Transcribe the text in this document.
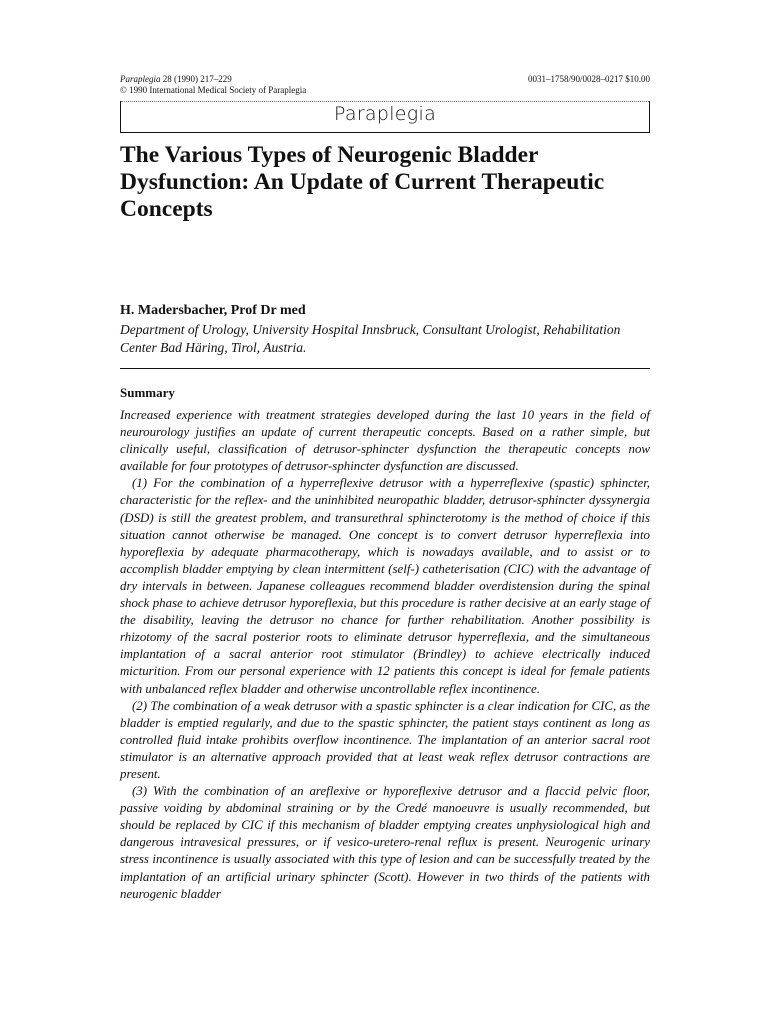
Paraplegia 28 (1990) 217–229
© 1990 International Medical Society of Paraplegia
0031–1758/90/0028–0217 $10.00
Paraplegia
The Various Types of Neurogenic Bladder Dysfunction: An Update of Current Therapeutic Concepts
H. Madersbacher, Prof Dr med
Department of Urology, University Hospital Innsbruck, Consultant Urologist, Rehabilitation Center Bad Häring, Tirol, Austria.
Summary

Increased experience with treatment strategies developed during the last 10 years in the field of neurourology justifies an update of current therapeutic concepts. Based on a rather simple, but clinically useful, classification of detrusor-sphincter dysfunction the therapeutic concepts now available for four prototypes of detrusor-sphincter dysfunction are discussed.

(1) For the combination of a hyperreflexive detrusor with a hyperreflexive (spastic) sphincter, characteristic for the reflex- and the uninhibited neuropathic bladder, detrusor-sphincter dyssynergia (DSD) is still the greatest problem, and transurethral sphincterotomy is the method of choice if this situation cannot otherwise be managed. One concept is to convert detrusor hyperreflexia into hyporeflexia by adequate pharmacotherapy, which is nowadays available, and to assist or to accomplish bladder emptying by clean intermittent (self-) catheterisation (CIC) with the advantage of dry intervals in between. Japanese colleagues recommend bladder overdistension during the spinal shock phase to achieve detrusor hyporeflexia, but this procedure is rather decisive at an early stage of the disability, leaving the detrusor no chance for further rehabilitation. Another possibility is rhizotomy of the sacral posterior roots to eliminate detrusor hyperreflexia, and the simultaneous implantation of a sacral anterior root stimulator (Brindley) to achieve electrically induced micturition. From our personal experience with 12 patients this concept is ideal for female patients with unbalanced reflex bladder and otherwise uncontrollable reflex incontinence.

(2) The combination of a weak detrusor with a spastic sphincter is a clear indication for CIC, as the bladder is emptied regularly, and due to the spastic sphincter, the patient stays continent as long as controlled fluid intake prohibits overflow incontinence. The implantation of an anterior sacral root stimulator is an alternative approach provided that at least weak reflex detrusor contractions are present.

(3) With the combination of an areflexive or hyporeflexive detrusor and a flaccid pelvic floor, passive voiding by abdominal straining or by the Credé manoeuvre is usually recommended, but should be replaced by CIC if this mechanism of bladder emptying creates unphysiological high and dangerous intravesical pressures, or if vesico-uretero-renal reflux is present. Neurogenic urinary stress incontinence is usually associated with this type of lesion and can be successfully treated by the implantation of an artificial urinary sphincter (Scott). However in two thirds of the patients with neurogenic bladder
